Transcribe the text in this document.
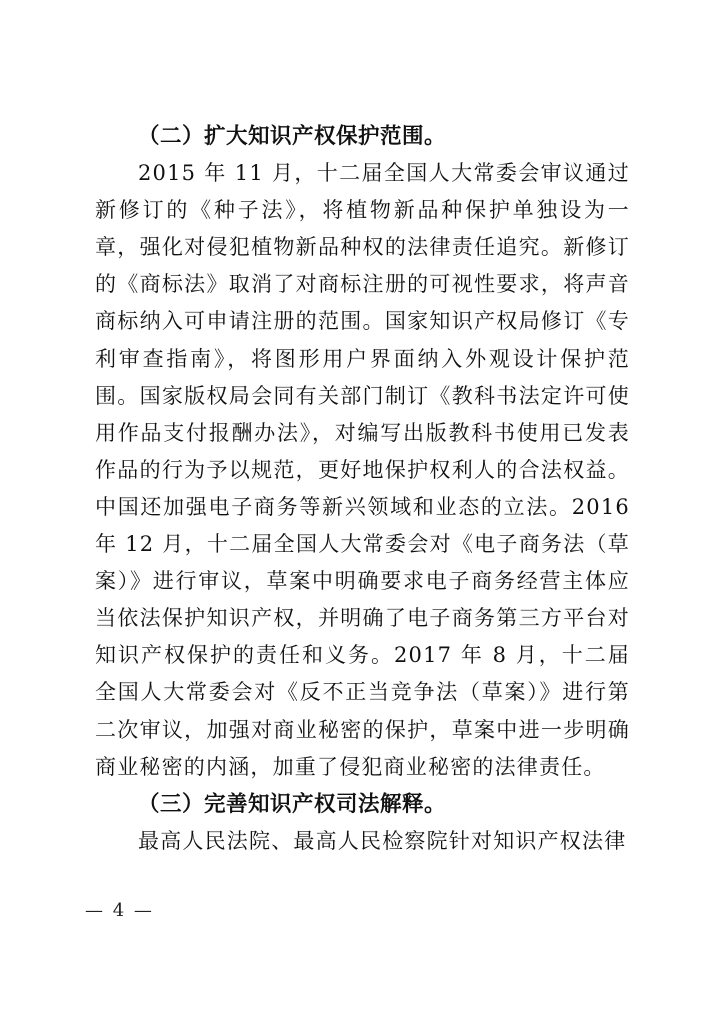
（二）扩大知识产权保护范围。

2015 年 11 月，十二届全国人大常委会审议通过新修订的《种子法》，将植物新品种保护单独设为一章，强化对侵犯植物新品种权的法律责任追究。新修订的《商标法》取消了对商标注册的可视性要求，将声音商标纳入可申请注册的范围。国家知识产权局修订《专利审查指南》，将图形用户界面纳入外观设计保护范围。国家版权局会同有关部门制订《教科书法定许可使用作品支付报酬办法》，对编写出版教科书使用已发表作品的行为予以规范，更好地保护权利人的合法权益。中国还加强电子商务等新兴领域和业态的立法。2016 年 12 月，十二届全国人大常委会对《电子商务法（草案）》进行审议，草案中明确要求电子商务经营主体应当依法保护知识产权，并明确了电子商务第三方平台对知识产权保护的责任和义务。2017 年 8 月，十二届全国人大常委会对《反不正当竞争法（草案）》进行第二次审议，加强对商业秘密的保护，草案中进一步明确商业秘密的内涵，加重了侵犯商业秘密的法律责任。

（三）完善知识产权司法解释。

最高人民法院、最高人民检察院针对知识产权法律

— 4 —
